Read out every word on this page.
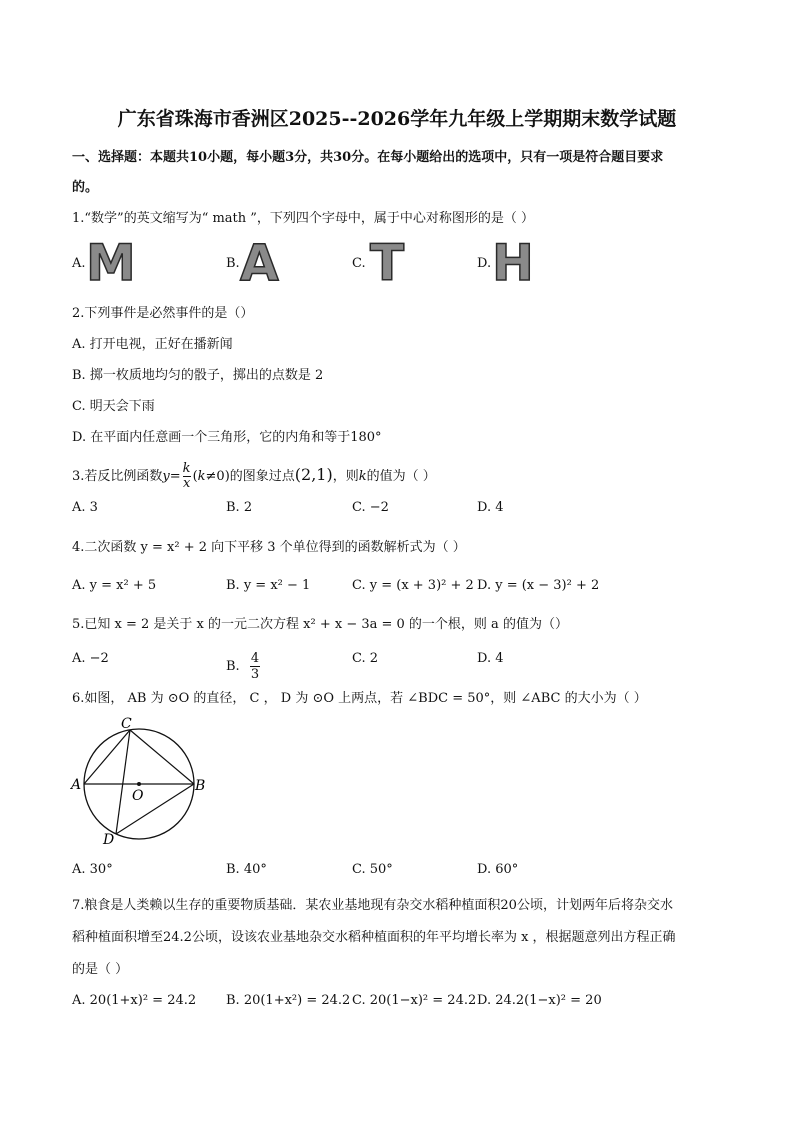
广东省珠海市香洲区2025--2026学年九年级上学期期末数学试题
一、选择题：本题共10小题，每小题3分，共30分。在每小题给出的选项中，只有一项是符合题目要求
的。
1.“数学”的英文缩写为“ math ”，下列四个字母中，属于中心对称图形的是（ ）
A. M	B. A	C. T	D. H
2.下列事件是必然事件的是（）
A. 打开电视，正好在播新闻
B. 掷一枚质地均匀的骰子，掷出的点数是 2
C. 明天会下雨
D. 在平面内任意画一个三角形，它的内角和等于180°
3.若反比例函数$y= \frac{k}{x} (k\ne 0)$的图象过点(2,1)，则k的值为（ ）
A. 3	B. 2	C. −2	D. 4
4.二次函数 y = x² + 2 向下平移 3 个单位得到的函数解析式为（ ）
A. y = x² + 5	B. y = x² − 1	C. y = (x + 3)² + 2 D. y = (x − 3)² + 2
5.已知 x = 2 是关于 x 的一元二次方程 x² + x − 3a = 0 的一个根，则 a 的值为（）
A. −2
B. $\frac{4}{3}$	C. 2	D. 4
6.如图， AB 为 ⊙O 的直径， C ， D 为 ⊙O 上两点，若 ∠BDC = 50°，则 ∠ABC 的大小为（ ）
C
A	B
O
D
A. 30°	B. 40°	C. 50°	D. 60°
7.粮食是人类赖以生存的重要物质基础．某农业基地现有杂交水稻种植面积20公顷，计划两年后将杂交水
稻种植面积增至24.2公顷，设该农业基地杂交水稻种植面积的年平均增长率为 x ，根据题意列出方程正确
的是（ ）
A. 20(1+x)² = 24.2 B. 20(1+x²) = 24.2 C. 20(1−x)² = 24.2 D. 24.2(1−x)² = 20
